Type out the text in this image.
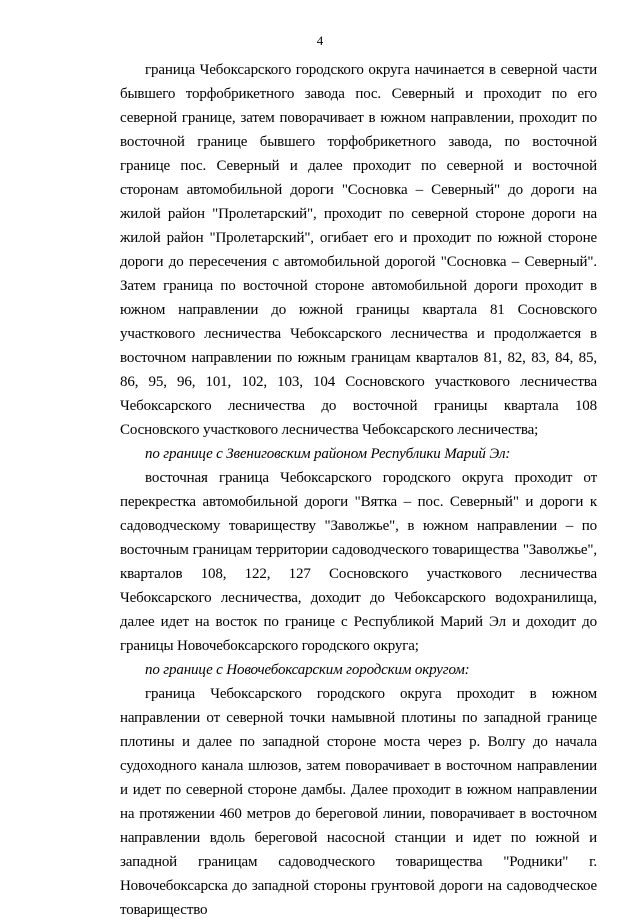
4

граница Чебоксарского городского округа начинается в северной части бывшего торфобрикетного завода пос. Северный и проходит по его северной границе, затем поворачивает в южном направлении, проходит по восточной границе бывшего торфобрикетного завода, по восточной границе пос. Северный и далее проходит по северной и восточной сторонам автомобильной дороги "Сосновка – Северный" до дороги на жилой район "Пролетарский", проходит по северной стороне дороги на жилой район "Пролетарский", огибает его и проходит по южной стороне дороги до пересечения с автомобильной дорогой "Сосновка – Северный". Затем граница по восточной стороне автомобильной дороги проходит в южном направлении до южной границы квартала 81 Сосновского участкового лесничества Чебоксарского лесничества и продолжается в восточном направлении по южным границам кварталов 81, 82, 83, 84, 85, 86, 95, 96, 101, 102, 103, 104 Сосновского участкового лесничества Чебоксарского лесничества до восточной границы квартала 108 Сосновского участкового лесничества Чебоксарского лесничества;

по границе с Звениговским районом Республики Марий Эл:

восточная граница Чебоксарского городского округа проходит от перекрестка автомобильной дороги "Вятка – пос. Северный" и дороги к садоводческому товариществу "Заволжье", в южном направлении – по восточным границам территории садоводческого товарищества "Заволжье", кварталов 108, 122, 127 Сосновского участкового лесничества Чебоксарского лесничества, доходит до Чебоксарского водохранилища, далее идет на восток по границе с Республикой Марий Эл и доходит до границы Новочебоксарского городского округа;

по границе с Новочебоксарским городским округом:

граница Чебоксарского городского округа проходит в южном направлении от северной точки намывной плотины по западной границе плотины и далее по западной стороне моста через р. Волгу до начала судоходного канала шлюзов, затем поворачивает в восточном направлении и идет по северной стороне дамбы. Далее проходит в южном направлении на протяжении 460 метров до береговой линии, поворачивает в восточном направлении вдоль береговой насосной станции и идет по южной и западной границам садоводческого товарищества "Родники" г. Новочебоксарска до западной стороны грунтовой дороги на садоводческое товарищество
